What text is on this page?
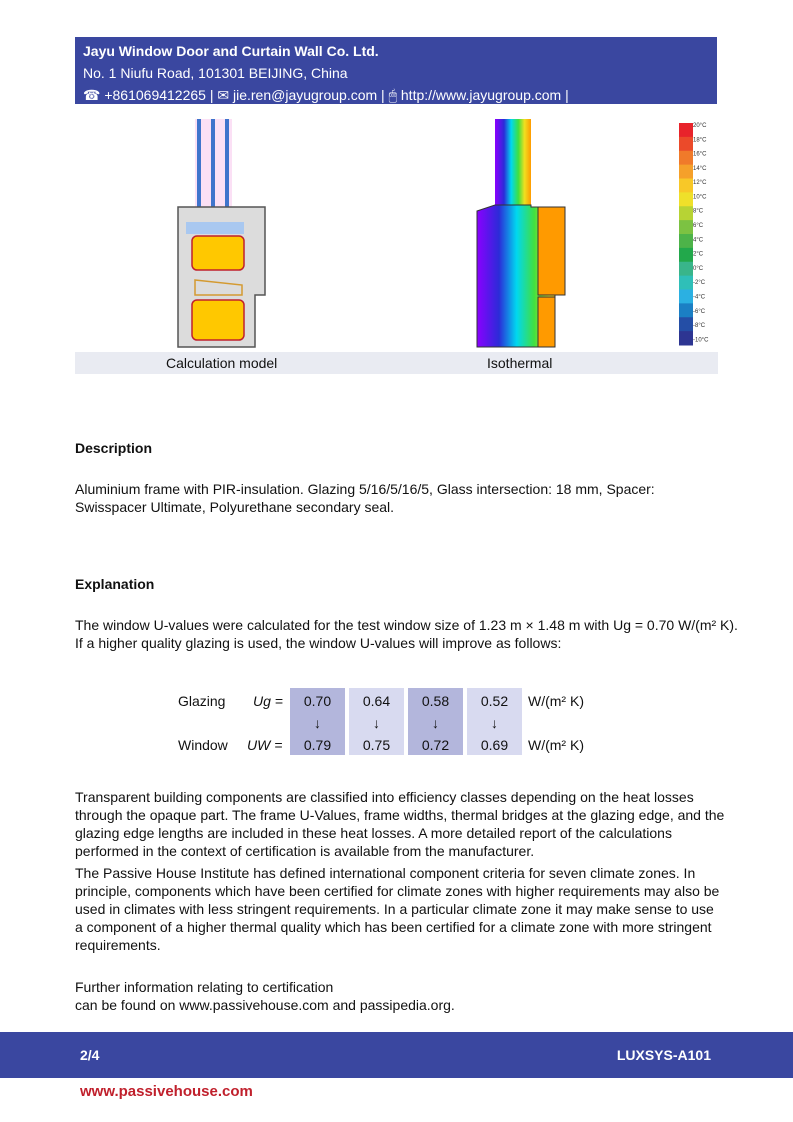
Jayu Window Door and Curtain Wall Co. Ltd.
No. 1 Niufu Road, 101301 BEIJING, China
☎ +861069412265 | ✉ jie.ren@jayugroup.com | 🖱 http://www.jayugroup.com |
20°C
18°C
16°C
14°C
12°C
10°C
8°C
6°C
4°C
2°C
0°C
-2°C
-4°C
-6°C
-8°C
-10°C
Calculation model	Isothermal
Description

Aluminium frame with PIR-insulation. Glazing 5/16/5/16/5, Glass intersection: 18 mm, Spacer: Swisspacer Ultimate, Polyurethane secondary seal.

Explanation

The window U-values were calculated for the test window size of 1.23 m × 1.48 m with Ug = 0.70 W/(m² K).

If a higher quality glazing is used, the window U-values will improve as follows:

Glazing Ug =
Window UW =
0.70
↓
0.79
0.64
↓
0.75
0.58
↓
0.72
0.52
↓
0.69
W/(m² K)
W/(m² K)

Transparent building components are classified into efficiency classes depending on the heat losses through the opaque part. The frame U-Values, frame widths, thermal bridges at the glazing edge, and the glazing edge lengths are included in these heat losses. A more detailed report of the calculations performed in the context of certification is available from the manufacturer.

The Passive House Institute has defined international component criteria for seven climate zones. In principle, components which have been certified for climate zones with higher requirements may also be used in climates with less stringent requirements. In a particular climate zone it may make sense to use a component of a higher thermal quality which has been certified for a climate zone with more stringent requirements.

Further information relating to certification

can be found on www.passivehouse.com and passipedia.org.

2/4	LUXSYS-A101
www.passivehouse.com
